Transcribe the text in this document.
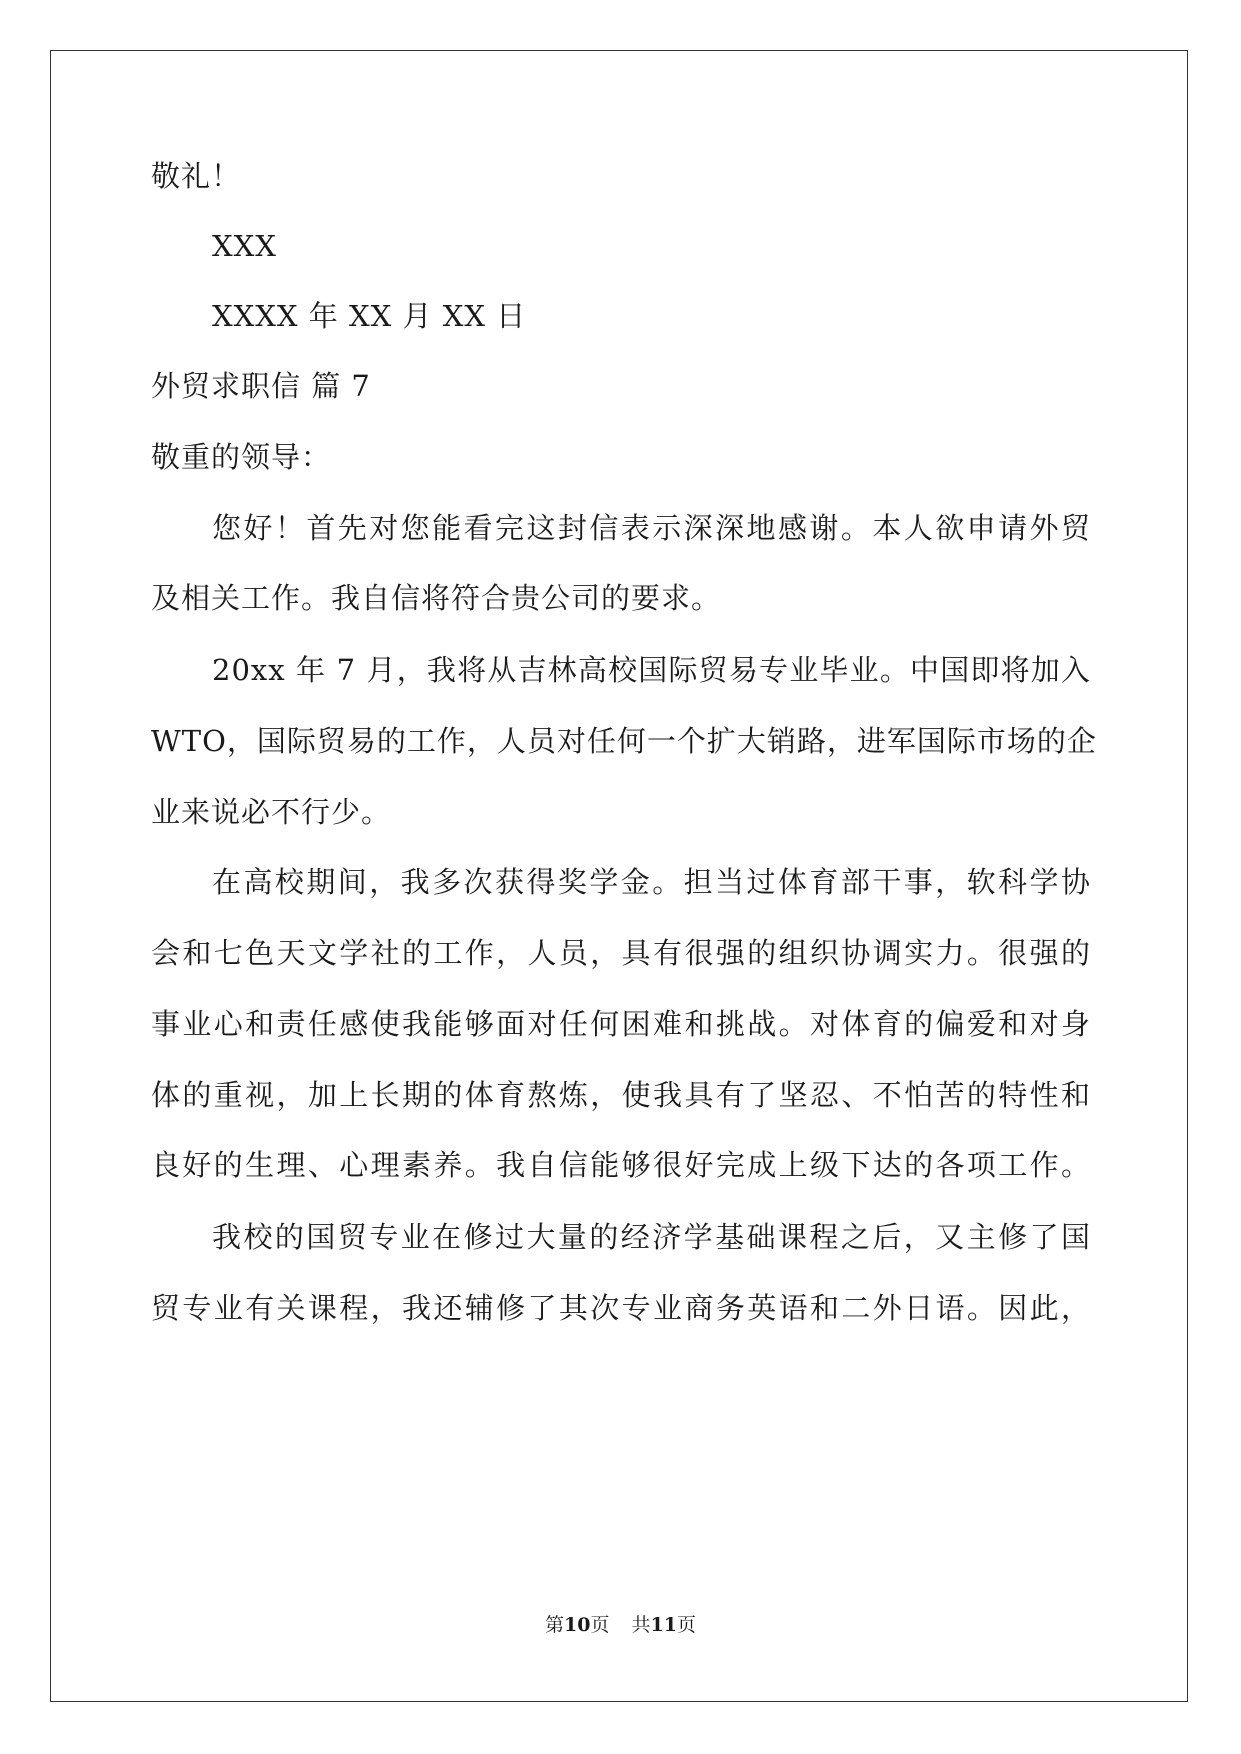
敬礼！
XXX
XXXX 年 XX 月 XX 日
外贸求职信 篇 7
敬重的领导：
您好！首先对您能看完这封信表示深深地感谢。本人欲申请外贸
及相关工作。我自信将符合贵公司的要求。
20xx 年 7 月，我将从吉林高校国际贸易专业毕业。中国即将加入
WTO，国际贸易的工作，人员对任何一个扩大销路，进军国际市场的企
业来说必不行少。
在高校期间，我多次获得奖学金。担当过体育部干事，软科学协
会和七色天文学社的工作，人员，具有很强的组织协调实力。很强的
事业心和责任感使我能够面对任何困难和挑战。对体育的偏爱和对身
体的重视，加上长期的体育熬炼，使我具有了坚忍、不怕苦的特性和
良好的生理、心理素养。我自信能够很好完成上级下达的各项工作。
我校的国贸专业在修过大量的经济学基础课程之后，又主修了国
贸专业有关课程，我还辅修了其次专业商务英语和二外日语。因此，
第10页 共11页
